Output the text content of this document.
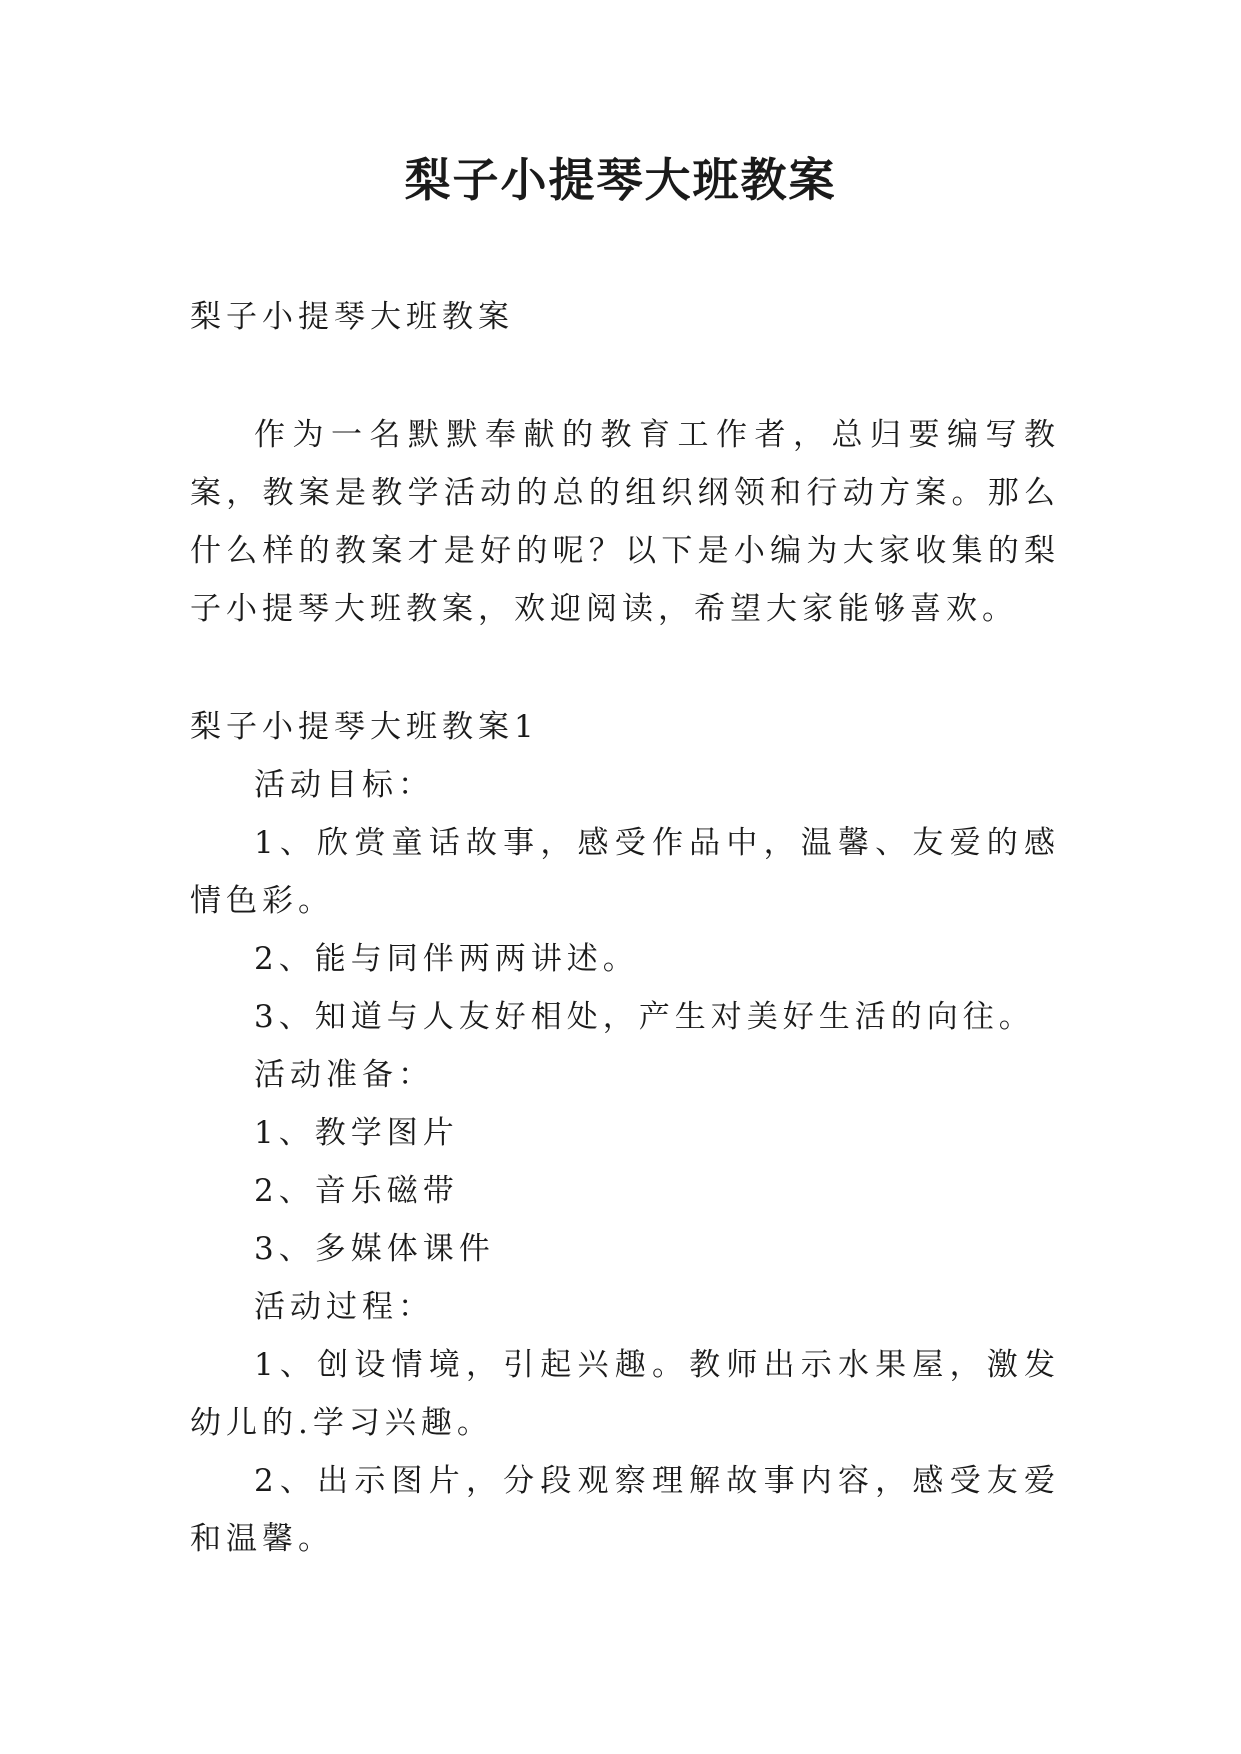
梨子小提琴大班教案

梨子小提琴大班教案

作为一名默默奉献的教育工作者，总归要编写教案，教案是教学活动的总的组织纲领和行动方案。那么什么样的教案才是好的呢？以下是小编为大家收集的梨子小提琴大班教案，欢迎阅读，希望大家能够喜欢。

梨子小提琴大班教案1

活动目标：

1、欣赏童话故事，感受作品中，温馨、友爱的感情色彩。

2、能与同伴两两讲述。

3、知道与人友好相处，产生对美好生活的向往。

活动准备：

1、教学图片

2、音乐磁带

3、多媒体课件

活动过程：

1、创设情境，引起兴趣。教师出示水果屋，激发幼儿的.学习兴趣。

2、出示图片，分段观察理解故事内容，感受友爱和温馨。
